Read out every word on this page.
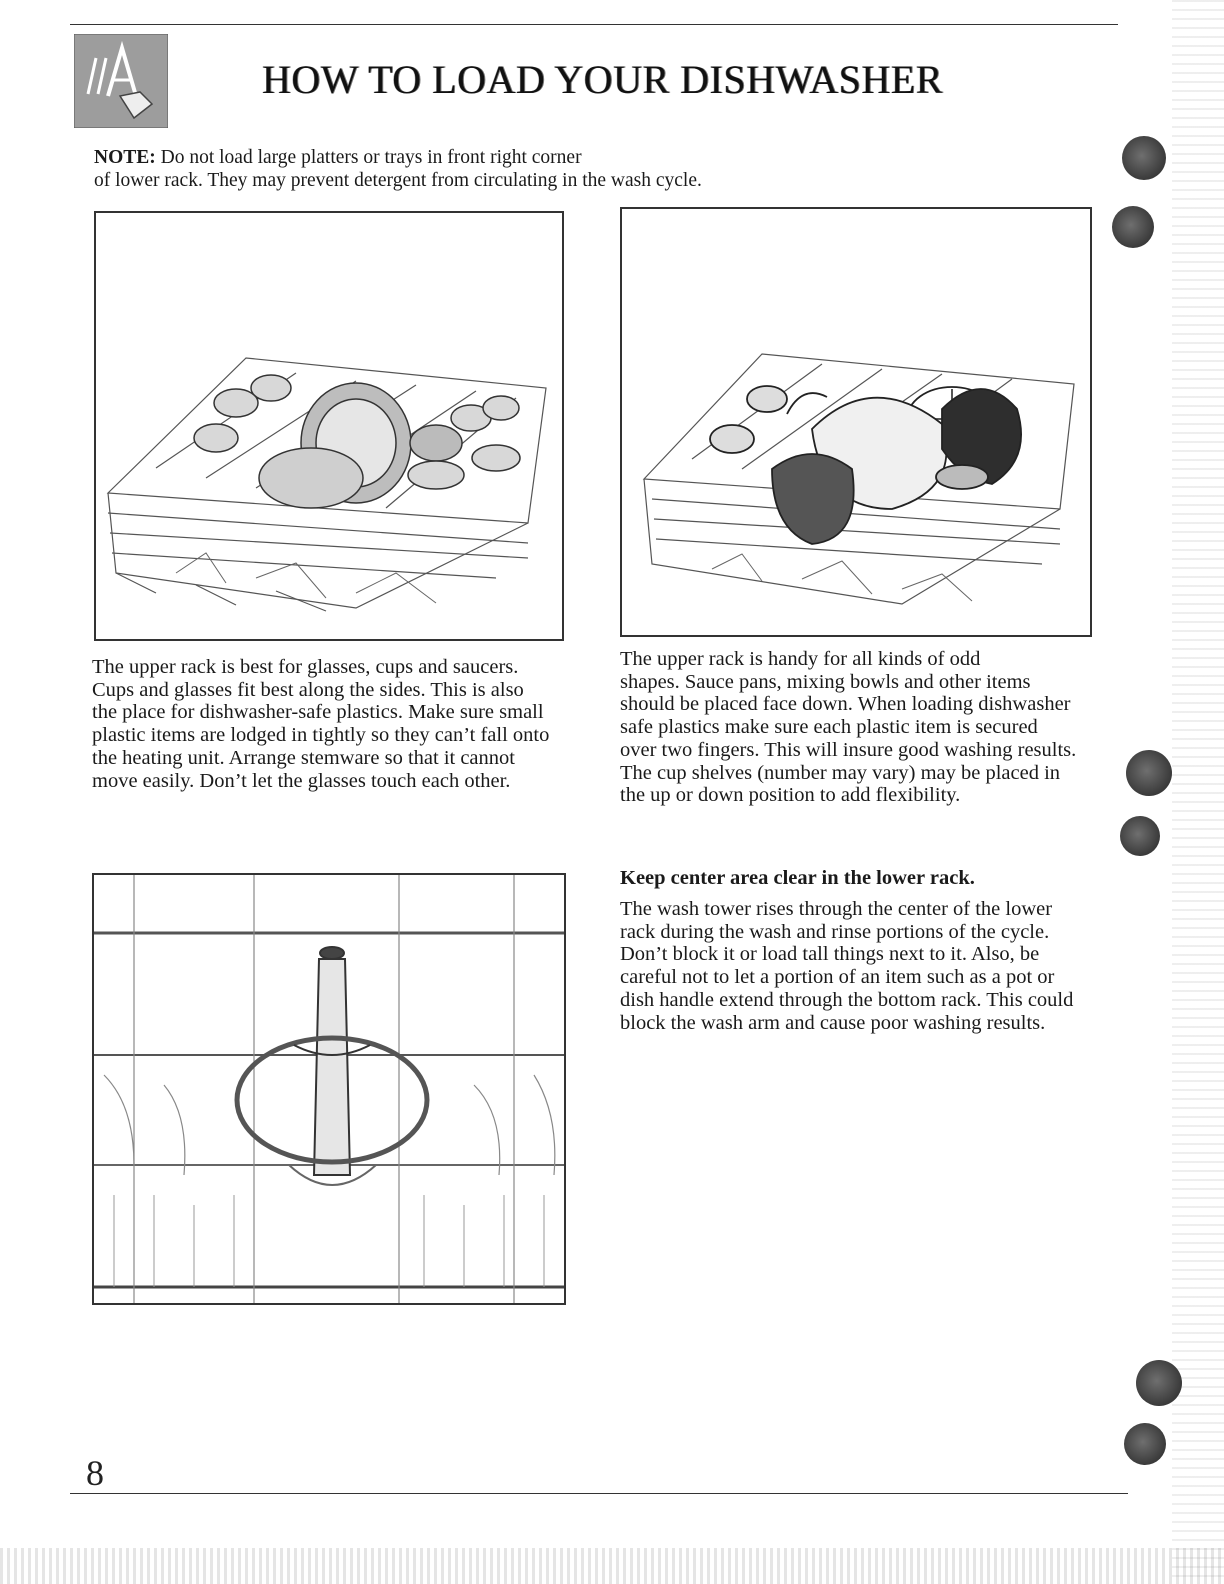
HOW TO LOAD YOUR DISHWASHER
NOTE: Do not load large platters or trays in front right corner
of lower rack. They may prevent detergent from circulating in the wash cycle.
The upper rack is best for glasses, cups and saucers.
Cups and glasses fit best along the sides. This is also
the place for dishwasher-safe plastics. Make sure small
plastic items are lodged in tightly so they can’t fall onto
the heating unit. Arrange stemware so that it cannot
move easily. Don’t let the glasses touch each other.
The upper rack is handy for all kinds of odd
shapes. Sauce pans, mixing bowls and other items
should be placed face down. When loading dishwasher
safe plastics make sure each plastic item is secured
over two fingers. This will insure good washing results.
The cup shelves (number may vary) may be placed in
the up or down position to add flexibility.
Keep center area clear in the lower rack.
The wash tower rises through the center of the lower
rack during the wash and rinse portions of the cycle.
Don’t block it or load tall things next to it. Also, be
careful not to let a portion of an item such as a pot or
dish handle extend through the bottom rack. This could
block the wash arm and cause poor washing results.
8
